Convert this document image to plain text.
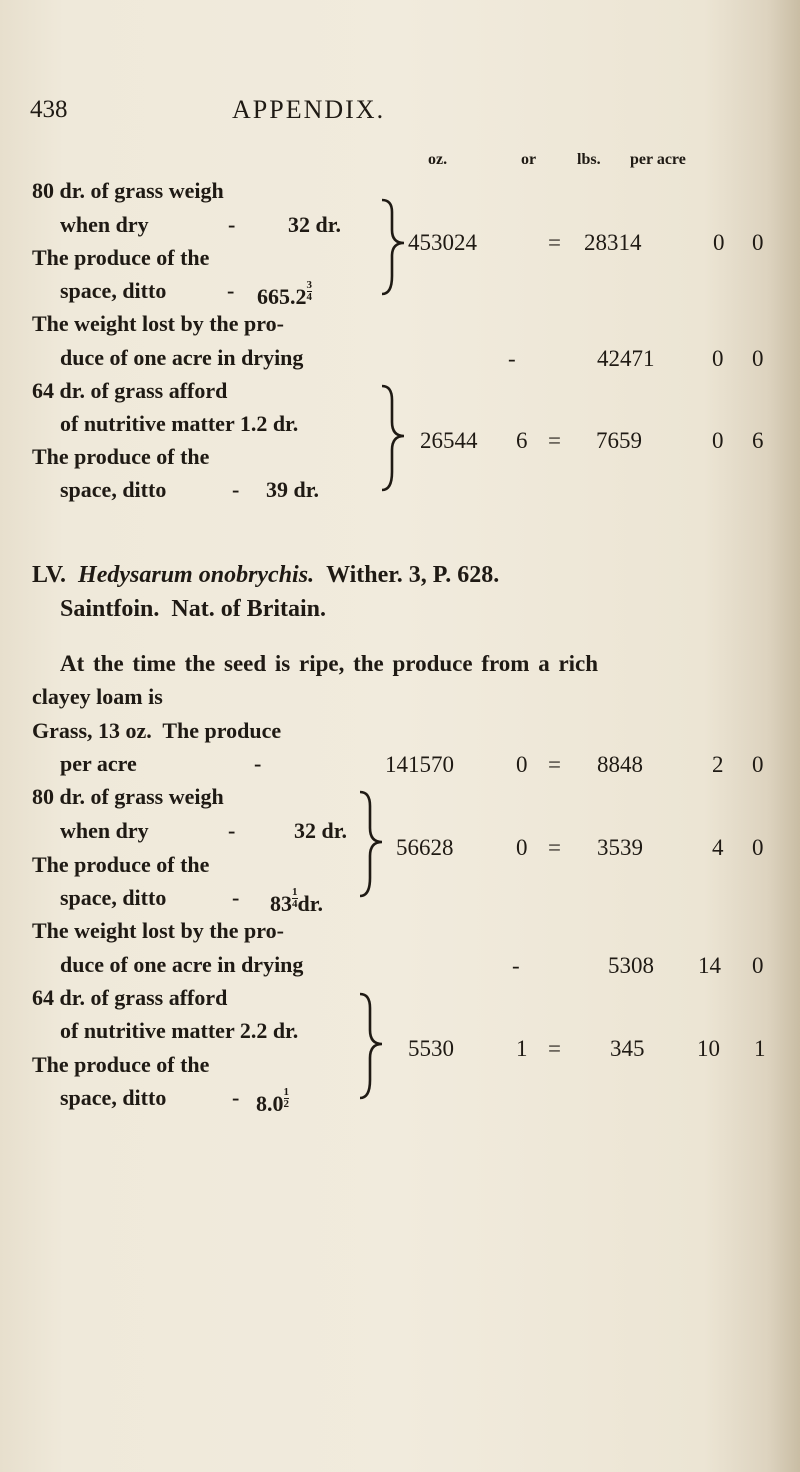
438	APPENDIX.
oz.	or	lbs. per acre
80 dr. of grass weigh
when dry	- 32 dr.
The produce of the
space, ditto	- $665.2 \frac{3}{4}$
453024	= 28314	0 0
The weight lost by the pro-
duce of one acre in drying	-	42471	0 0
64 dr. of grass afford
of nutritive matter 1.2 dr.
The produce of the
space, ditto	- 39 dr.
26544 6 = 7659	0 6
LV. Hedysarum onobrychis. Wither. 3, P. 628.
Saintfoin.  Nat. of Britain.
At the time the seed is ripe, the produce from a rich
clayey loam is
Grass, 13 oz.  The produce
per acre	-	141570	0 = 8848	2 0
80 dr. of grass weigh
when dry	-	32 dr.
The produce of the
space, ditto	- $83 \frac{1}{4}$ dr.
56628	0 = 3539	4 0
The weight lost by the pro-
duce of one acre in drying	-	5308 14 0
64 dr. of grass afford
of nutritive matter 2.2 dr.
The produce of the
space, ditto	- $8.0 \frac{1}{2}$
5530	1 = 345 10 1
